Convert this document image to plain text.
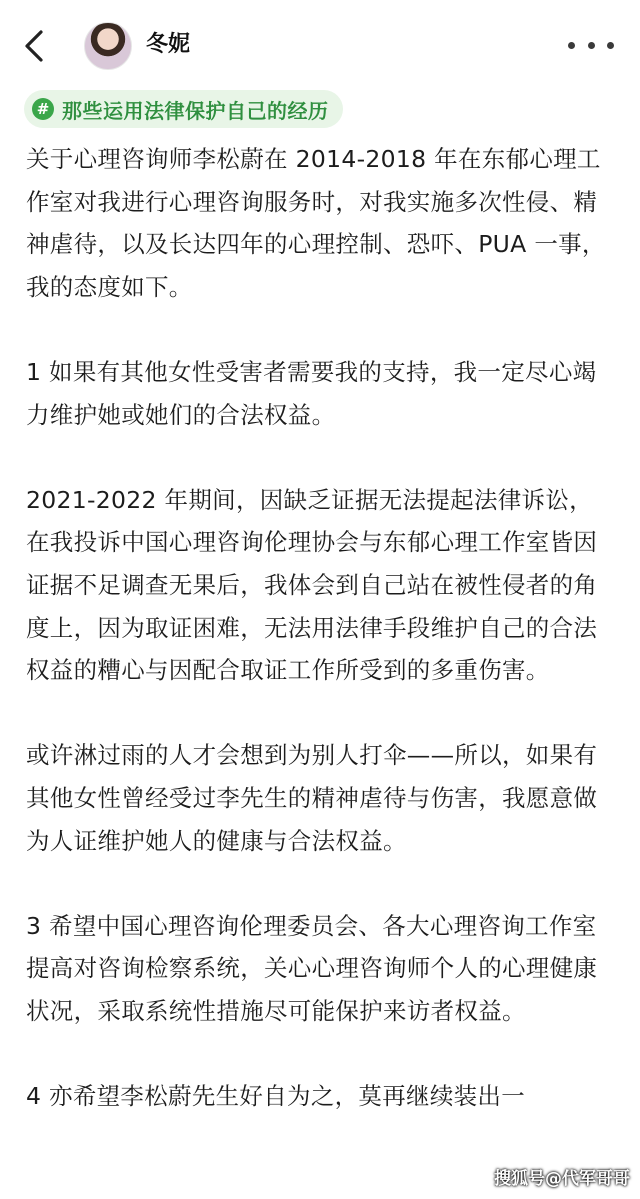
冬妮
# 那些运用法律保护自己的经历

关于心理咨询师李松蔚在 2014-2018 年在东郁心理工作室对我进行心理咨询服务时，对我实施多次性侵、精神虐待，以及长达四年的心理控制、恐吓、PUA 一事，我的态度如下。

1 如果有其他女性受害者需要我的支持，我一定尽心竭力维护她或她们的合法权益。

2021-2022 年期间，因缺乏证据无法提起法律诉讼，在我投诉中国心理咨询伦理协会与东郁心理工作室皆因证据不足调查无果后，我体会到自己站在被性侵者的角度上，因为取证困难，无法用法律手段维护自己的合法权益的糟心与因配合取证工作所受到的多重伤害。

或许淋过雨的人才会想到为别人打伞——所以，如果有其他女性曾经受过李先生的精神虐待与伤害，我愿意做为人证维护她人的健康与合法权益。

3 希望中国心理咨询伦理委员会、各大心理咨询工作室提高对咨询检察系统，关心心理咨询师个人的心理健康状况，采取系统性措施尽可能保护来访者权益。

4 亦希望李松蔚先生好自为之，莫再继续装出一

搜狐号@代军哥哥
